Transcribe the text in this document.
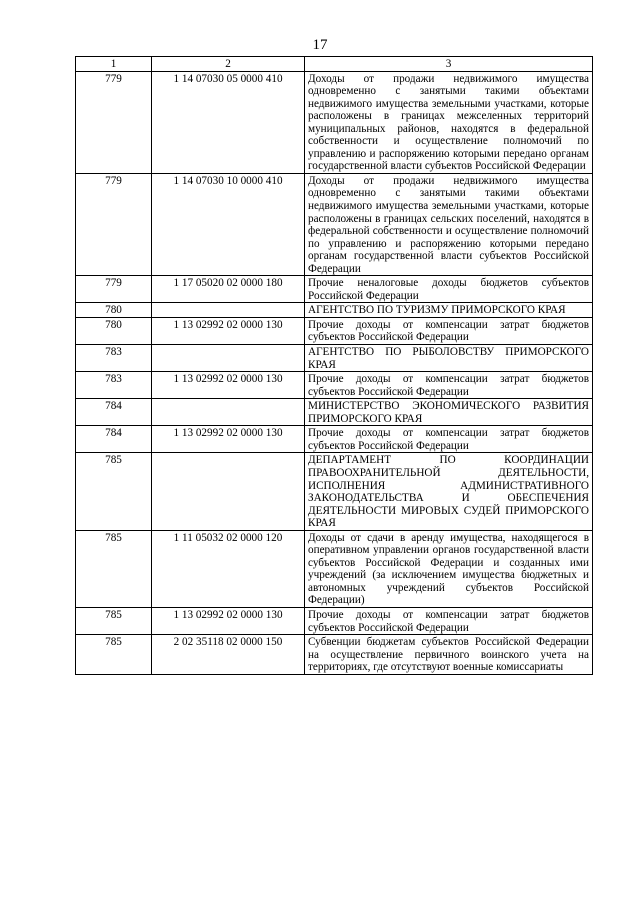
17
1	2	3
779	1 14 07030 05 0000 410	Доходы от продажи недвижимого имущества одновременно с занятыми такими объектами недвижимого имущества земельными участками, которые расположены в границах межселенных территорий муниципальных районов, находятся в федеральной собственности и осуществление полномочий по управлению и распоряжению которыми передано органам государственной власти субъектов Российской Федерации
779	1 14 07030 10 0000 410	Доходы от продажи недвижимого имущества одновременно с занятыми такими объектами недвижимого имущества земельными участками, которые расположены в границах сельских поселений, находятся в федеральной собственности и осуществление полномочий по управлению и распоряжению которыми передано органам государственной власти субъектов Российской Федерации
779	1 17 05020 02 0000 180	Прочие неналоговые доходы бюджетов субъектов Российской Федерации
780		АГЕНТСТВО ПО ТУРИЗМУ ПРИМОРСКОГО КРАЯ
780	1 13 02992 02 0000 130	Прочие доходы от компенсации затрат бюджетов субъектов Российской Федерации
783		АГЕНТСТВО ПО РЫБОЛОВСТВУ ПРИМОРСКОГО КРАЯ
783	1 13 02992 02 0000 130	Прочие доходы от компенсации затрат бюджетов субъектов Российской Федерации
784		МИНИСТЕРСТВО ЭКОНОМИЧЕСКОГО РАЗВИТИЯ ПРИМОРСКОГО КРАЯ
784	1 13 02992 02 0000 130	Прочие доходы от компенсации затрат бюджетов субъектов Российской Федерации
785		ДЕПАРТАМЕНТ ПО КООРДИНАЦИИ ПРАВООХРАНИТЕЛЬНОЙ ДЕЯТЕЛЬНОСТИ, ИСПОЛНЕНИЯ АДМИНИСТРАТИВНОГО ЗАКОНОДАТЕЛЬСТВА И ОБЕСПЕЧЕНИЯ ДЕЯТЕЛЬНОСТИ МИРОВЫХ СУДЕЙ ПРИМОРСКОГО КРАЯ
785	1 11 05032 02 0000 120	Доходы от сдачи в аренду имущества, находящегося в оперативном управлении органов государственной власти субъектов Российской Федерации и созданных ими учреждений (за исключением имущества бюджетных и автономных учреждений субъектов Российской Федерации)
785	1 13 02992 02 0000 130	Прочие доходы от компенсации затрат бюджетов субъектов Российской Федерации
785	2 02 35118 02 0000 150	Субвенции бюджетам субъектов Российской Федерации на осуществление первичного воинского учета на территориях, где отсутствуют военные комиссариаты
